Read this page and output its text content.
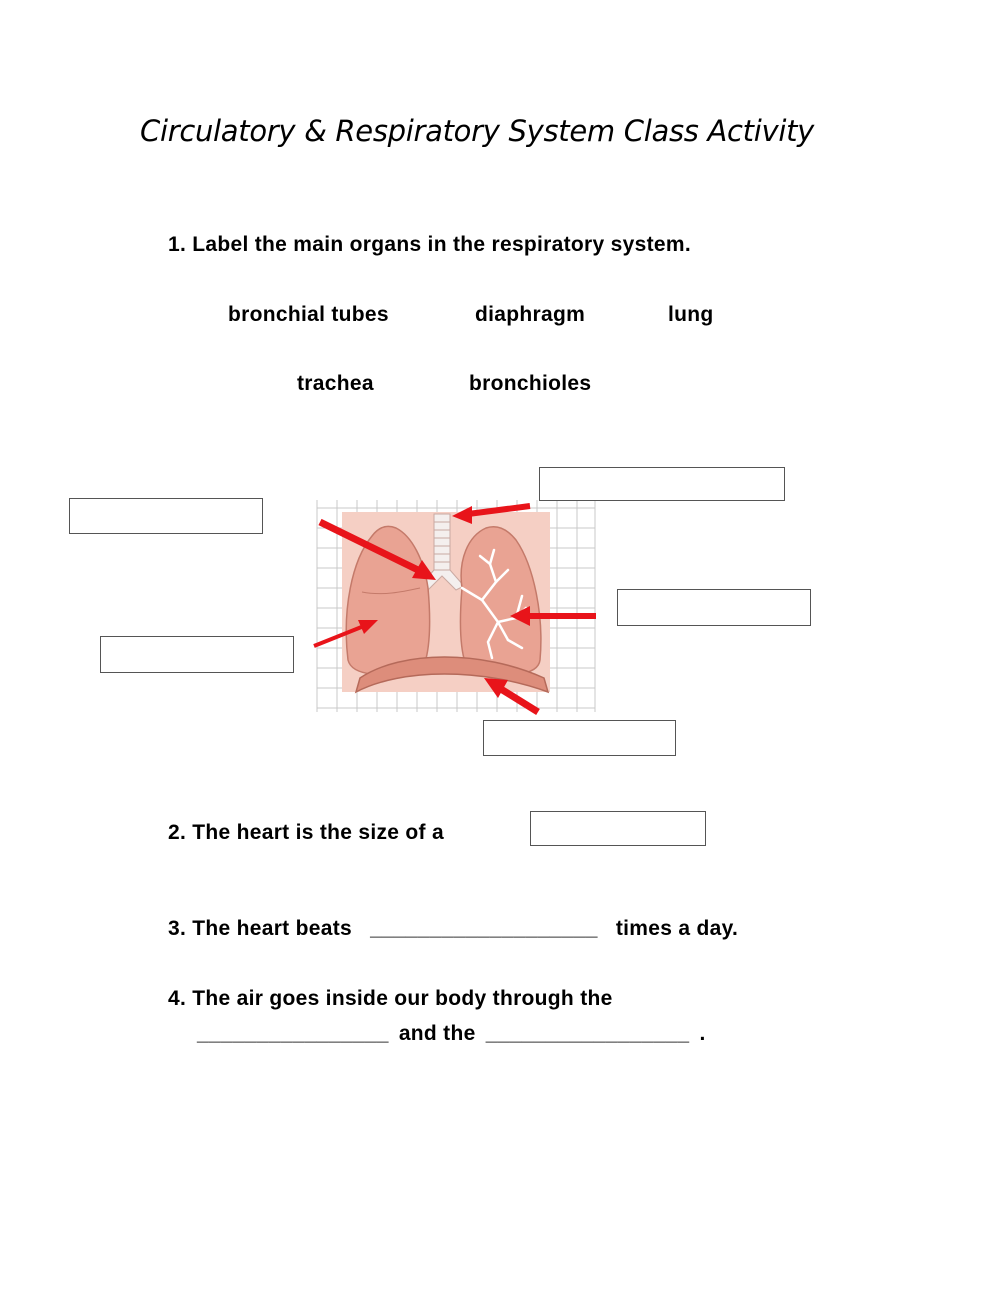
Circulatory & Respiratory System Class Activity
1. Label the main organs in the respiratory system.
bronchial tubes	diaphragm	lung
trachea	bronchioles
2. The heart is the size of a
3. The heart beats ___________________ times a day.
4. The air goes inside our body through the
________________ and the _________________ .
